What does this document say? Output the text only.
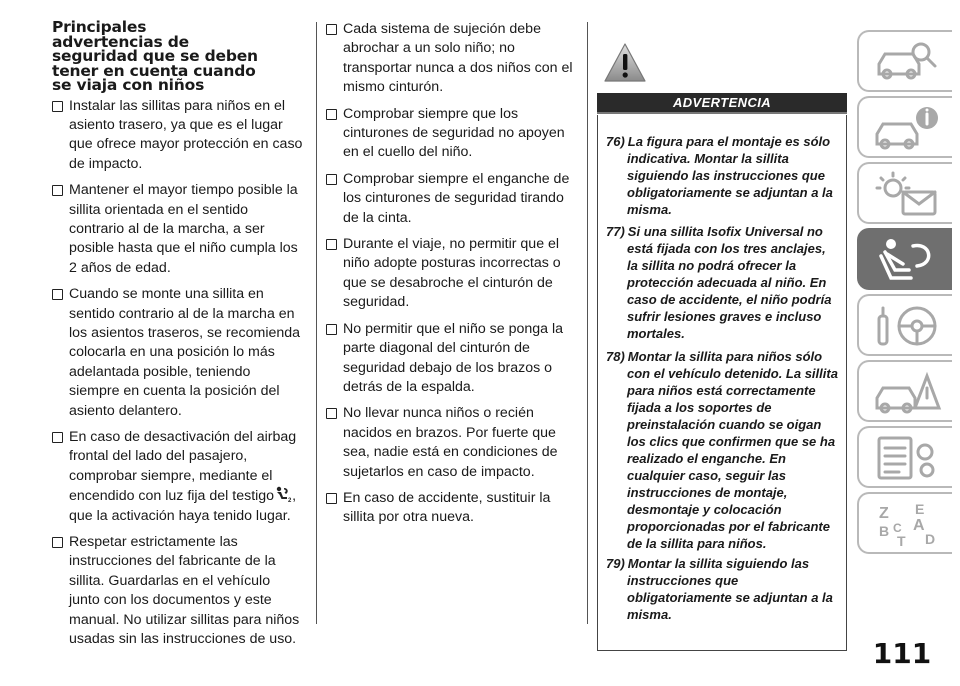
Principales
advertencias de
seguridad que se deben
tener en cuenta cuando
se viaja con niños
Instalar las sillitas para niños en el asiento trasero, ya que es el lugar que ofrece mayor protección en caso de impacto.
Mantener el mayor tiempo posible la sillita orientada en el sentido contrario al de la marcha, a ser posible hasta que el niño cumpla los 2 años de edad.
Cuando se monte una sillita en sentido contrario al de la marcha en los asientos traseros, se recomienda colocarla en una posición lo más adelantada posible, teniendo siempre en cuenta la posición del asiento delantero.
En caso de desactivación del airbag frontal del lado del pasajero, comprobar siempre, mediante el encendido con luz fija del testigo 2 , que la activación haya tenido lugar.
Respetar estrictamente las instrucciones del fabricante de la sillita. Guardarlas en el vehículo junto con los documentos y este manual. No utilizar sillitas para niños usadas sin las instrucciones de uso.
Cada sistema de sujeción debe abrochar a un solo niño; no transportar nunca a dos niños con el mismo cinturón.
Comprobar siempre que los cinturones de seguridad no apoyen en el cuello del niño.
Comprobar siempre el enganche de los cinturones de seguridad tirando de la cinta.
Durante el viaje, no permitir que el niño adopte posturas incorrectas o que se desabroche el cinturón de seguridad.
No permitir que el niño se ponga la parte diagonal del cinturón de seguridad debajo de los brazos o detrás de la espalda.
No llevar nunca niños o recién nacidos en brazos. Por fuerte que sea, nadie está en condiciones de sujetarlos en caso de impacto.
En caso de accidente, sustituir la sillita por otra nueva.
ADVERTENCIA
76) La figura para el montaje es sólo
indicativa. Montar la sillita
siguiendo las instrucciones que
obligatoriamente se adjuntan a la
misma.
77) Si una sillita Isofix Universal no
está fijada con los tres anclajes,
la sillita no podrá ofrecer la
protección adecuada al niño. En
caso de accidente, el niño podría
sufrir lesiones graves e incluso
mortales.
78) Montar la sillita para niños sólo
con el vehículo detenido. La sillita
para niños está correctamente
fijada a los soportes de
preinstalación cuando se oigan
los clics que confirmen que se ha
realizado el enganche. En
cualquier caso, seguir las
instrucciones de montaje,
desmontaje y colocación
proporcionadas por el fabricante
de la sillita para niños.
79) Montar la sillita siguiendo las
instrucciones que
obligatoriamente se adjuntan a la
misma.
Z E
A
B C
T D
111
